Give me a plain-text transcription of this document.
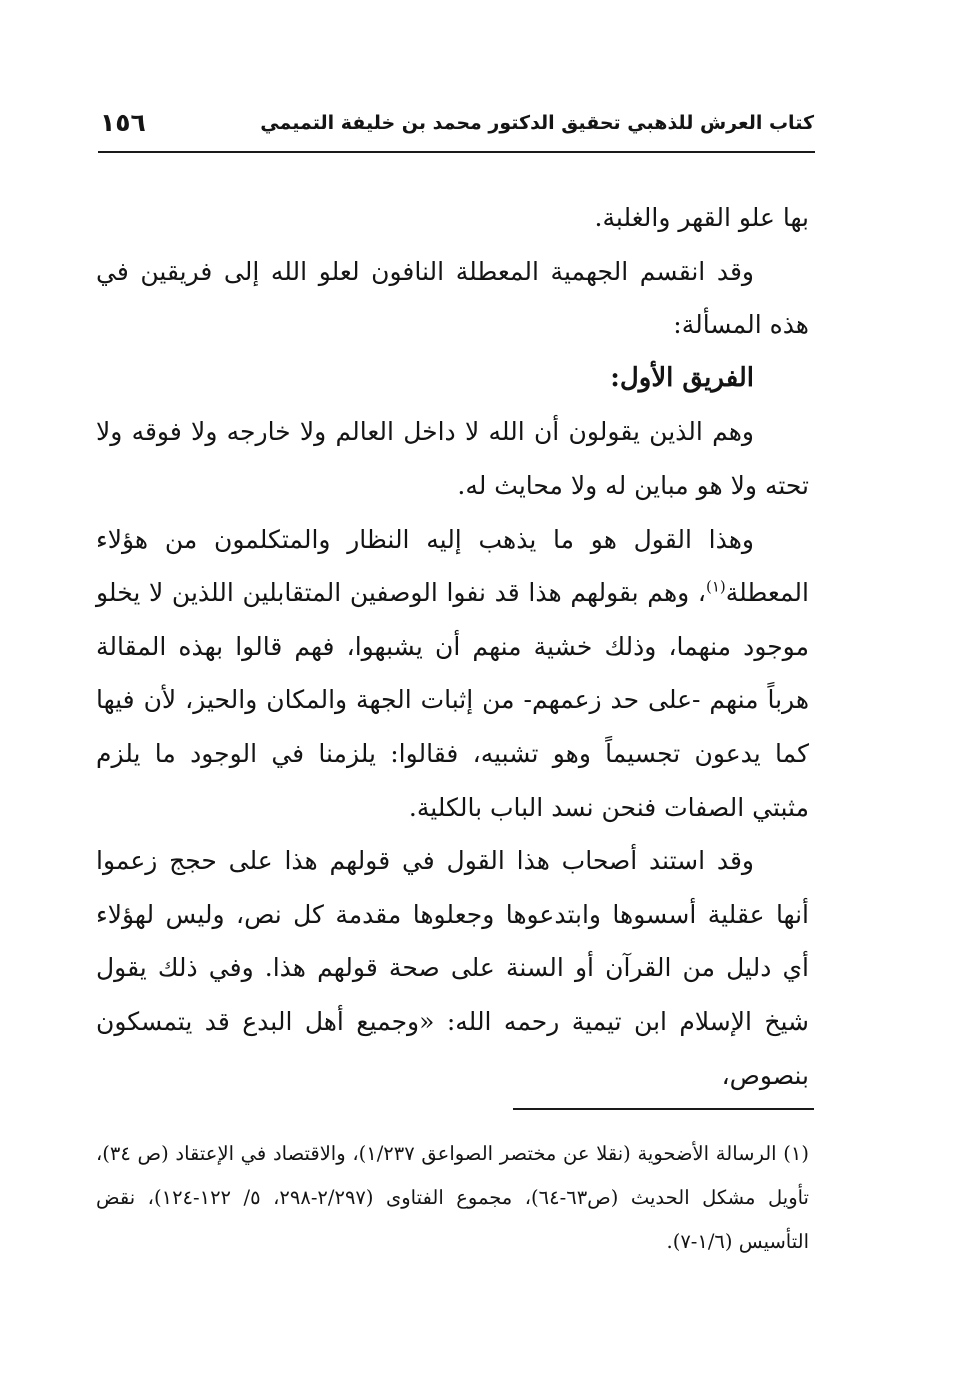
كتاب العرش للذهبي تحقيق الدكتور محمد بن خليفة التميمي
١٥٦

بها علو القهر والغلبة.

وقد انقسم الجهمية المعطلة النافون لعلو الله إلى فريقين في هذه المسألة:

الفريق الأول:

وهم الذين يقولون أن الله لا داخل العالم ولا خارجه ولا فوقه ولا تحته ولا هو مباين له ولا محايث له.

وهذا القول هو ما يذهب إليه النظار والمتكلمون من هؤلاء المعطلة$^{(١)}$، وهم بقولهم هذا قد نفوا الوصفين المتقابلين اللذين لا يخلو موجود منهما، وذلك خشية منهم أن يشبهوا، فهم قالوا بهذه المقالة هرباً منهم -على حد زعمهم- من إثبات الجهة والمكان والحيز، لأن فيها كما يدعون تجسيماً وهو تشبيه، فقالوا: يلزمنا في الوجود ما يلزم مثبتي الصفات فنحن نسد الباب بالكلية.

وقد استند أصحاب هذا القول في قولهم هذا على حجج زعموا أنها عقلية أسسوها وابتدعوها وجعلوها مقدمة كل نص، وليس لهؤلاء أي دليل من القرآن أو السنة على صحة قولهم هذا. وفي ذلك يقول شيخ الإسلام ابن تيمية رحمه الله: «وجميع أهل البدع قد يتمسكون بنصوص،

(١) الرسالة الأضحوية (نقلا عن مختصر الصواعق ١/٢٣٧)، والاقتصاد في الإعتقاد (ص ٣٤)، تأويل مشكل الحديث (ص٦٣-٦٤)، مجموع الفتاوى (٢/٢٩٧-٢٩٨، ٥/ ١٢٢-١٢٤)، نقض التأسيس (١/٦-٧).
